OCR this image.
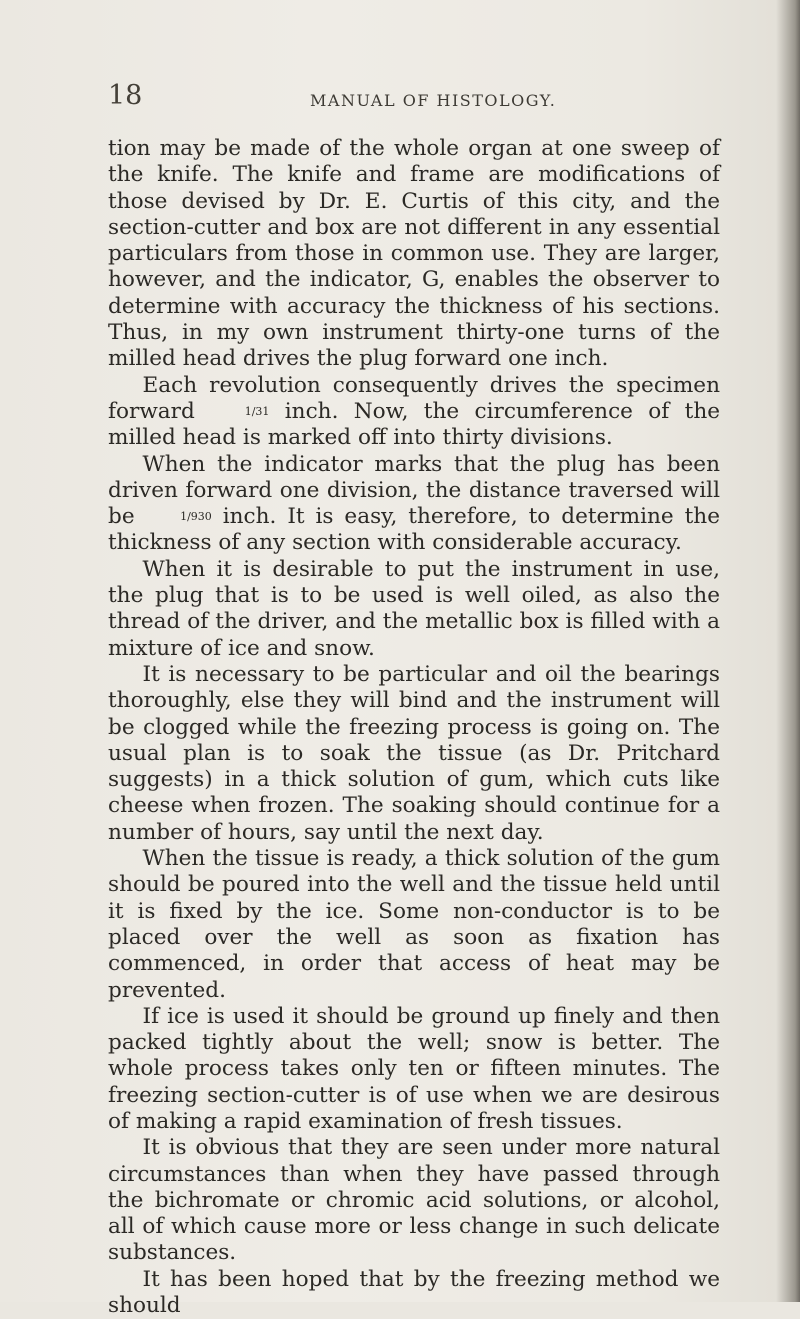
18	MANUAL OF HISTOLOGY.

tion may be made of the whole organ at one sweep of the knife. The knife and frame are modifications of those devised by Dr. E. Curtis of this city, and the section-cutter and box are not different in any essential particulars from those in common use. They are larger, however, and the indicator, G, enables the observer to determine with accuracy the thickness of his sections. Thus, in my own instrument thirty-one turns of the milled head drives the plug forward one inch.

Each revolution consequently drives the specimen forward	1/31 inch. Now, the circumference of the milled head is marked off into thirty divisions.

When the indicator marks that the plug has been driven forward one division, the distance traversed will be	1/930 inch. It is easy, therefore, to determine the thickness of any section with considerable accuracy.

When it is desirable to put the instrument in use, the plug that is to be used is well oiled, as also the thread of the driver, and the metallic box is filled with a mixture of ice and snow.

It is necessary to be particular and oil the bearings thoroughly, else they will bind and the instrument will be clogged while the freezing process is going on. The usual plan is to soak the tissue (as Dr. Pritchard suggests) in a thick solution of gum, which cuts like cheese when frozen. The soaking should continue for a number of hours, say until the next day.

When the tissue is ready, a thick solution of the gum should be poured into the well and the tissue held until it is fixed by the ice. Some non-conductor is to be placed over the well as soon as fixation has commenced, in order that access of heat may be prevented.

If ice is used it should be ground up finely and then packed tightly about the well; snow is better. The whole process takes only ten or fifteen minutes. The freezing section-cutter is of use when we are desirous of making a rapid examination of fresh tissues.

It is obvious that they are seen under more natural circumstances than when they have passed through the bichromate or chromic acid solutions, or alcohol, all of which cause more or less change in such delicate substances.

It has been hoped that by the freezing method we should
